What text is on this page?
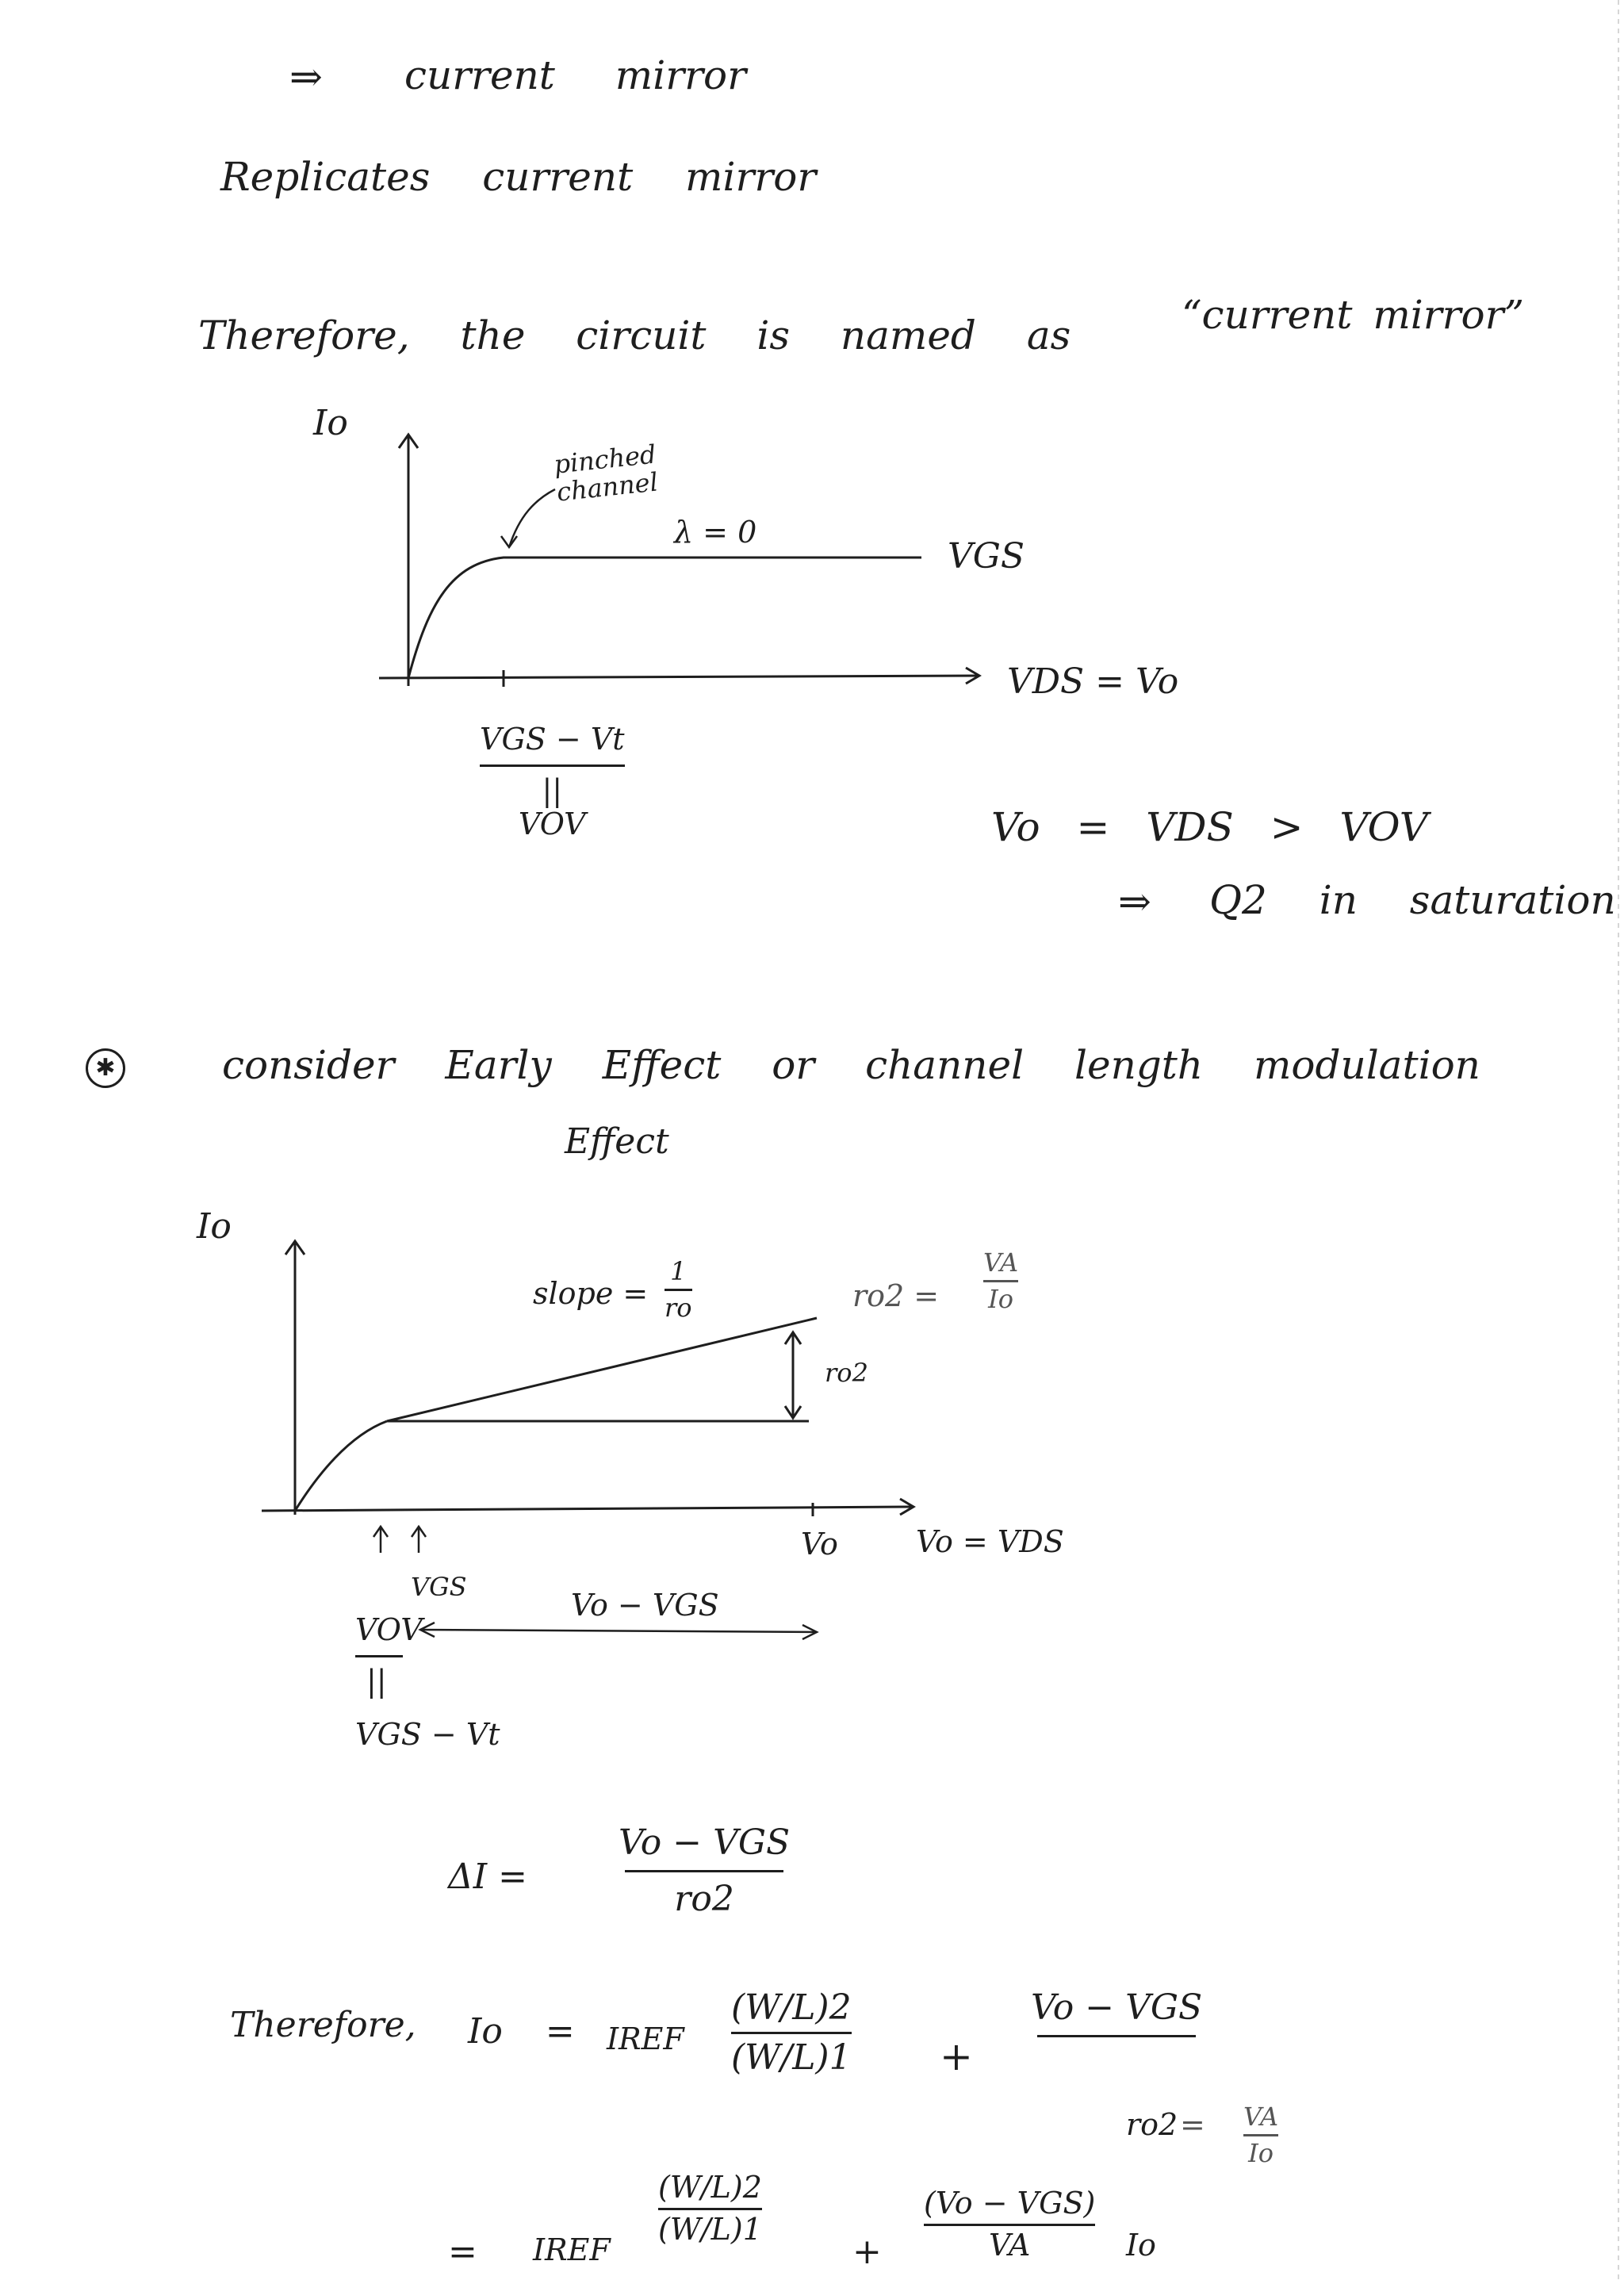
⇒ current mirror
Replicates current mirror
Therefore, the circuit is named as	“current mirror”
Io
pinched channel
λ = 0
VGS
VDS = Vo
VGS − Vt
||
VOV	Vo = VDS > VOV
⇒ Q2 in saturation
✱	consider Early Effect or channel length modulation
Effect
Io
slope =
1
ro	ro2 =
VA
Io
ro2
Vo	Vo = VDS
VGS
Vo − VGS
VOV
||
VGS − Vt
ΔI =
Vo − VGS
ro2
Therefore, Io = IREF
(W/L)2
(W/L)1 +
Vo − VGS
ro2 = VA
Io
= IREF
(W/L)2
(W/L)1
+
(Vo − VGS)
VA	Io
